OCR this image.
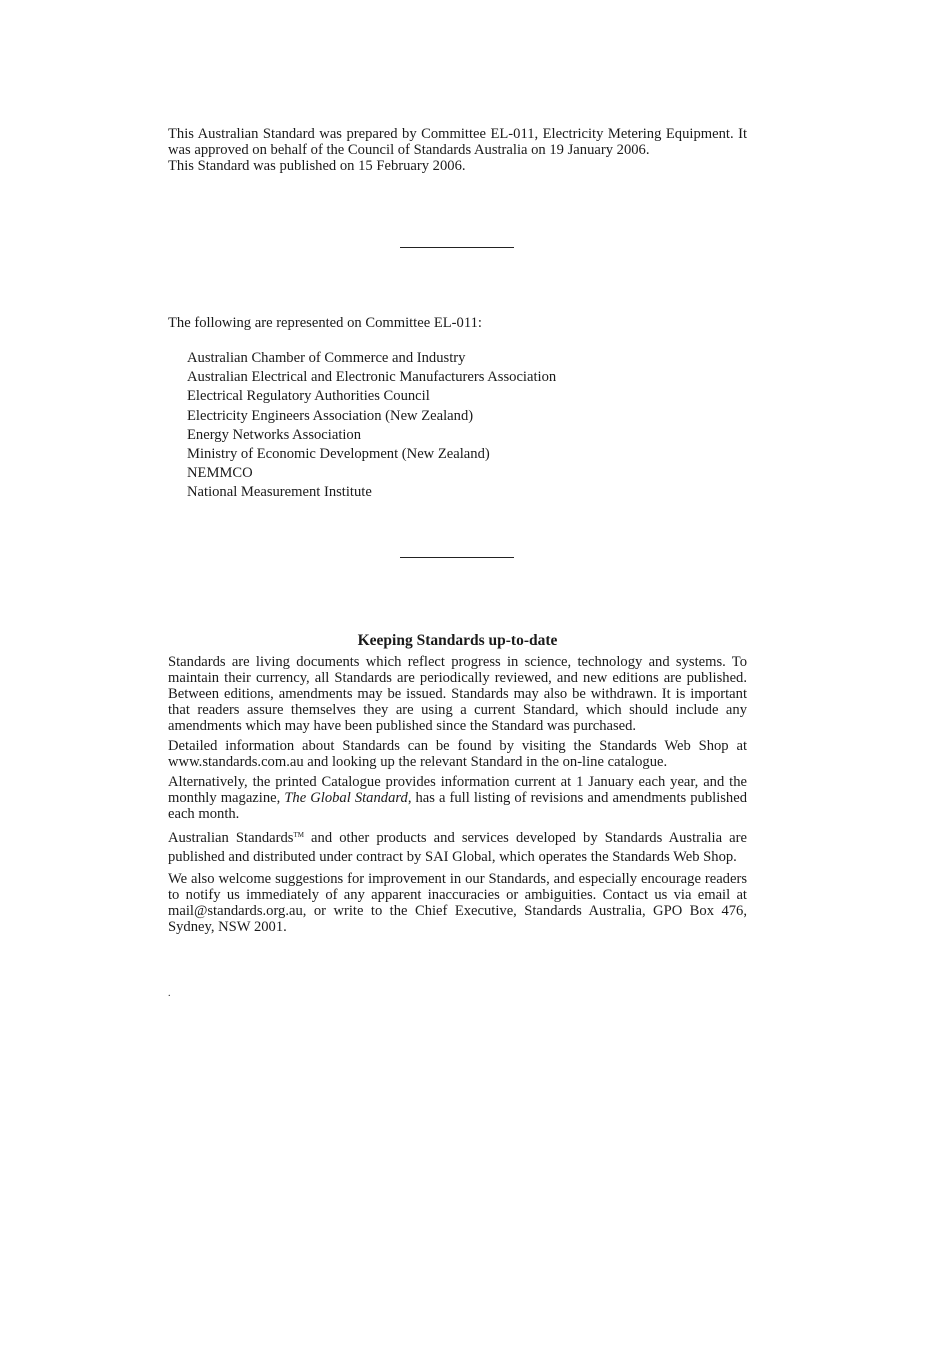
This Australian Standard was prepared by Committee EL-011, Electricity Metering Equipment. It was approved on behalf of the Council of Standards Australia on 19 January 2006.

This Standard was published on 15 February 2006.

The following are represented on Committee EL-011:
Australian Chamber of Commerce and Industry
Australian Electrical and Electronic Manufacturers Association
Electrical Regulatory Authorities Council
Electricity Engineers Association (New Zealand)
Energy Networks Association
Ministry of Economic Development (New Zealand)
NEMMCO
National Measurement Institute
Keeping Standards up-to-date

Standards are living documents which reflect progress in science, technology and systems. To maintain their currency, all Standards are periodically reviewed, and new editions are published. Between editions, amendments may be issued. Standards may also be withdrawn. It is important that readers assure themselves they are using a current Standard, which should include any amendments which may have been published since the Standard was purchased.

Detailed information about Standards can be found by visiting the Standards Web Shop at www.standards.com.au and looking up the relevant Standard in the on-line catalogue.

Alternatively, the printed Catalogue provides information current at 1 January each year, and the monthly magazine, The Global Standard, has a full listing of revisions and amendments published each month.

Australian Standards™ and other products and services developed by Standards Australia are published and distributed under contract by SAI Global, which operates the Standards Web Shop.

We also welcome suggestions for improvement in our Standards, and especially encourage readers to notify us immediately of any apparent inaccuracies or ambiguities. Contact us via email at mail@standards.org.au, or write to the Chief Executive, Standards Australia, GPO Box 476, Sydney, NSW 2001.

.
